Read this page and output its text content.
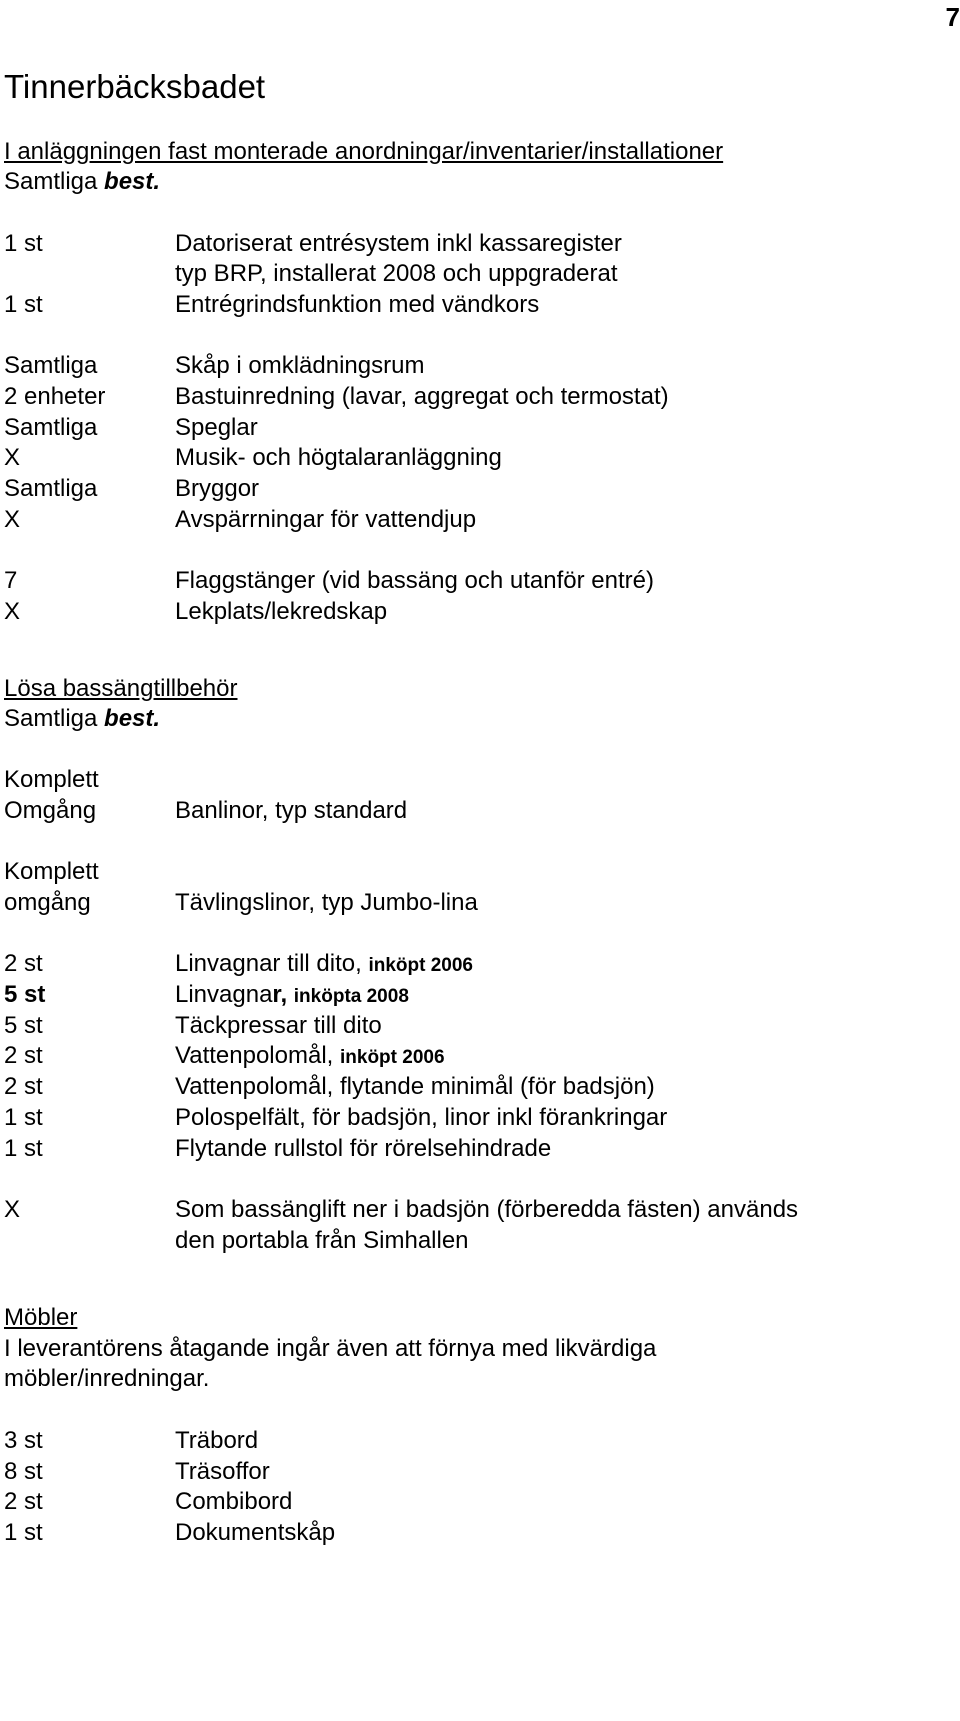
7
Tinnerbäcksbadet
I anläggningen fast monterade anordningar/inventarier/installationer
Samtliga best.
1 st	Datoriserat entrésystem inkl kassaregister
typ BRP, installerat 2008 och uppgraderat
1 st	Entrégrindsfunktion med vändkors
Samtliga	Skåp i omklädningsrum
2 enheter	Bastuinredning (lavar, aggregat och termostat)
Samtliga	Speglar
X	Musik- och högtalaranläggning
Samtliga	Bryggor
X	Avspärrningar för vattendjup
7	Flaggstänger (vid bassäng och utanför entré)
X	Lekplats/lekredskap
Lösa bassängtillbehör
Samtliga best.
Komplett
Omgång	Banlinor, typ standard
Komplett
omgång	Tävlingslinor, typ Jumbo-lina
2 st	Linvagnar till dito, inköpt 2006
5 st	Linvagnar, inköpta 2008
5 st	Täckpressar till dito
2 st	Vattenpolomål, inköpt 2006
2 st	Vattenpolomål, flytande minimål (för badsjön)
1 st	Polospelfält, för badsjön, linor inkl förankringar
1 st	Flytande rullstol för rörelsehindrade
X	Som bassänglift ner i badsjön (förberedda fästen) används
den portabla från Simhallen
Möbler
I leverantörens åtagande ingår även att förnya med likvärdiga
möbler/inredningar.
3 st	Träbord
8 st	Träsoffor
2 st	Combibord
1 st	Dokumentskåp
